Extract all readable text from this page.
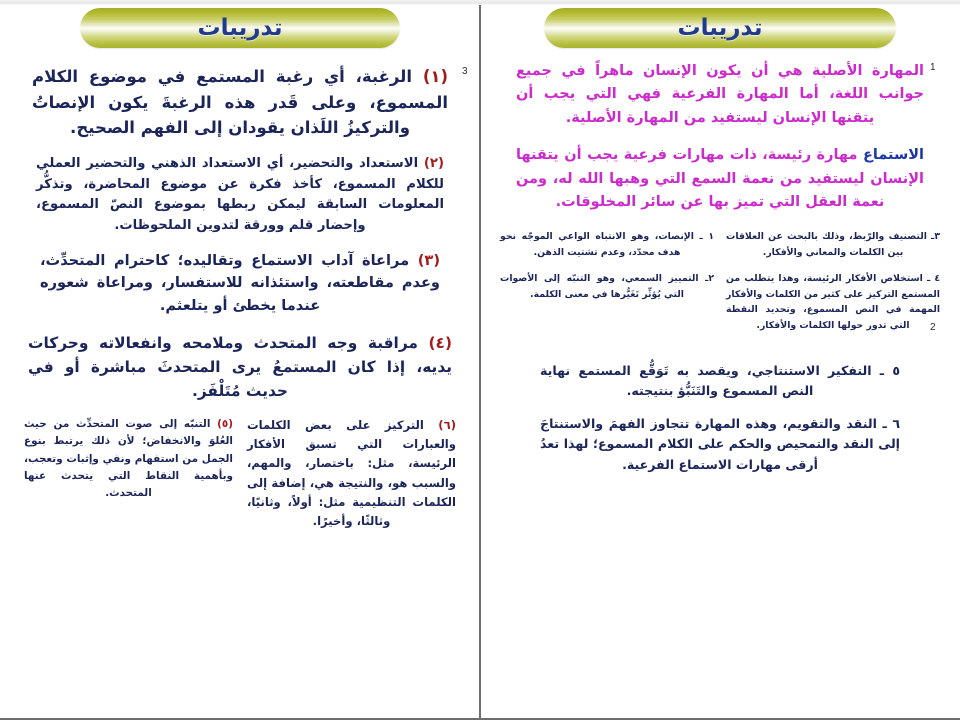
تدريبات
3
(١) الرغبة، أي رغبة المستمع في موضوع الكلام المسموع، وعلى قَدر هذه الرغبةَ يكون الإنصاتُ والتركيزُ اللَذان يقودان إلى الفهم الصحيح.
(٢) الاستعداد والتحضير، أي الاستعداد الذهني والتحضير العملي للكلام المسموع، كأخذ فكرة عن موضوع المحاضرة، وتذكُّر المعلومات السابقة ليمكن ربطها بموضوع النصّ المسموع، وإحضار قلم وورقة لتدوين الملحوظات.
(٣) مراعاة آداب الاستماع وتقاليده؛ كاحترام المتحدِّث، وعدم مقاطعته، واستئذانه للاستفسار، ومراعاة شعوره عندما يخطئ أو يتلعثم.
(٤) مراقبة وجه المتحدث وملامحه وانفعالاته وحركات يديه، إذا كان المستمعُ يرى المتحدثَ مباشرة أو في حديث مُتَلْفَز.
(٥) التنبّه إلى صوت المتحدِّث من حيث العُلوَ والانخفاض؛ لأن ذلك يرتبط بنوع الجمل من استفهام ونفي وإثبات وتعجب، وبأهمية النقاط التي يتحدث عنها المتحدث.
(٦) التركيز على بعض الكلمات والعبارات التي تسبق الأفكار الرئيسة، مثل: باختصار، والمهم، والسبب هو، والنتيجة هي، إضافة إلى الكلمات التنظيمية مثل: أولاً، وثانيًا، وثالثًا، وأخيرًا.
تدريبات
1
2
المهارة الأصلية هي أن يكون الإنسان ماهراً في جميع جوانب اللغة، أما المهارة الفرعية فهي التي يجب أن يتقنها الإنسان ليستفيد من المهارة الأصلية.
الاستماع مهارة رئيسة، ذات مهارات فرعية يجب أن يتقنها الإنسان ليستفيد من نعمة السمع التي وهبها الله له، ومن نعمة العقل التي تميز بها عن سائر المخلوقات.
١ ـ الإنصات، وهو الانتباه الواعي الموجّه نحو هدف محدّد، وعدم تشتيت الذهن.
٢ـ التمييز السمعي، وهو التنبّه إلى الأصوات التي يُؤثِّر تَغَيُّرها في معنى الكلمة.
٣ـ التصنيف والرّبط، وذلك بالبحث عن العلاقات بين الكلمات والمعاني والأفكار.
٤ ـ استخلاص الأفكار الرئيسة، وهذا يتطلب من المستمع التركيز على كثير من الكلمات والأفكار المهمة في النص المسموع، وتحديد النقطة التي تدور حولها الكلمات والأفكار.
٥ ـ التفكير الاستنتاجي، ويقصد به تَوَقُّع المستمع نهاية النص المسموع والتَنَبُّؤ بنتيجته.
٦ ـ النقد والتقويم، وهذه المهارة تتجاوز الفهمَ والاستنتاجَ إلى النقد والتمحيص والحكم على الكلام المسموع؛ لهذا تعدُ أرقى مهارات الاستماع الفرعية.
